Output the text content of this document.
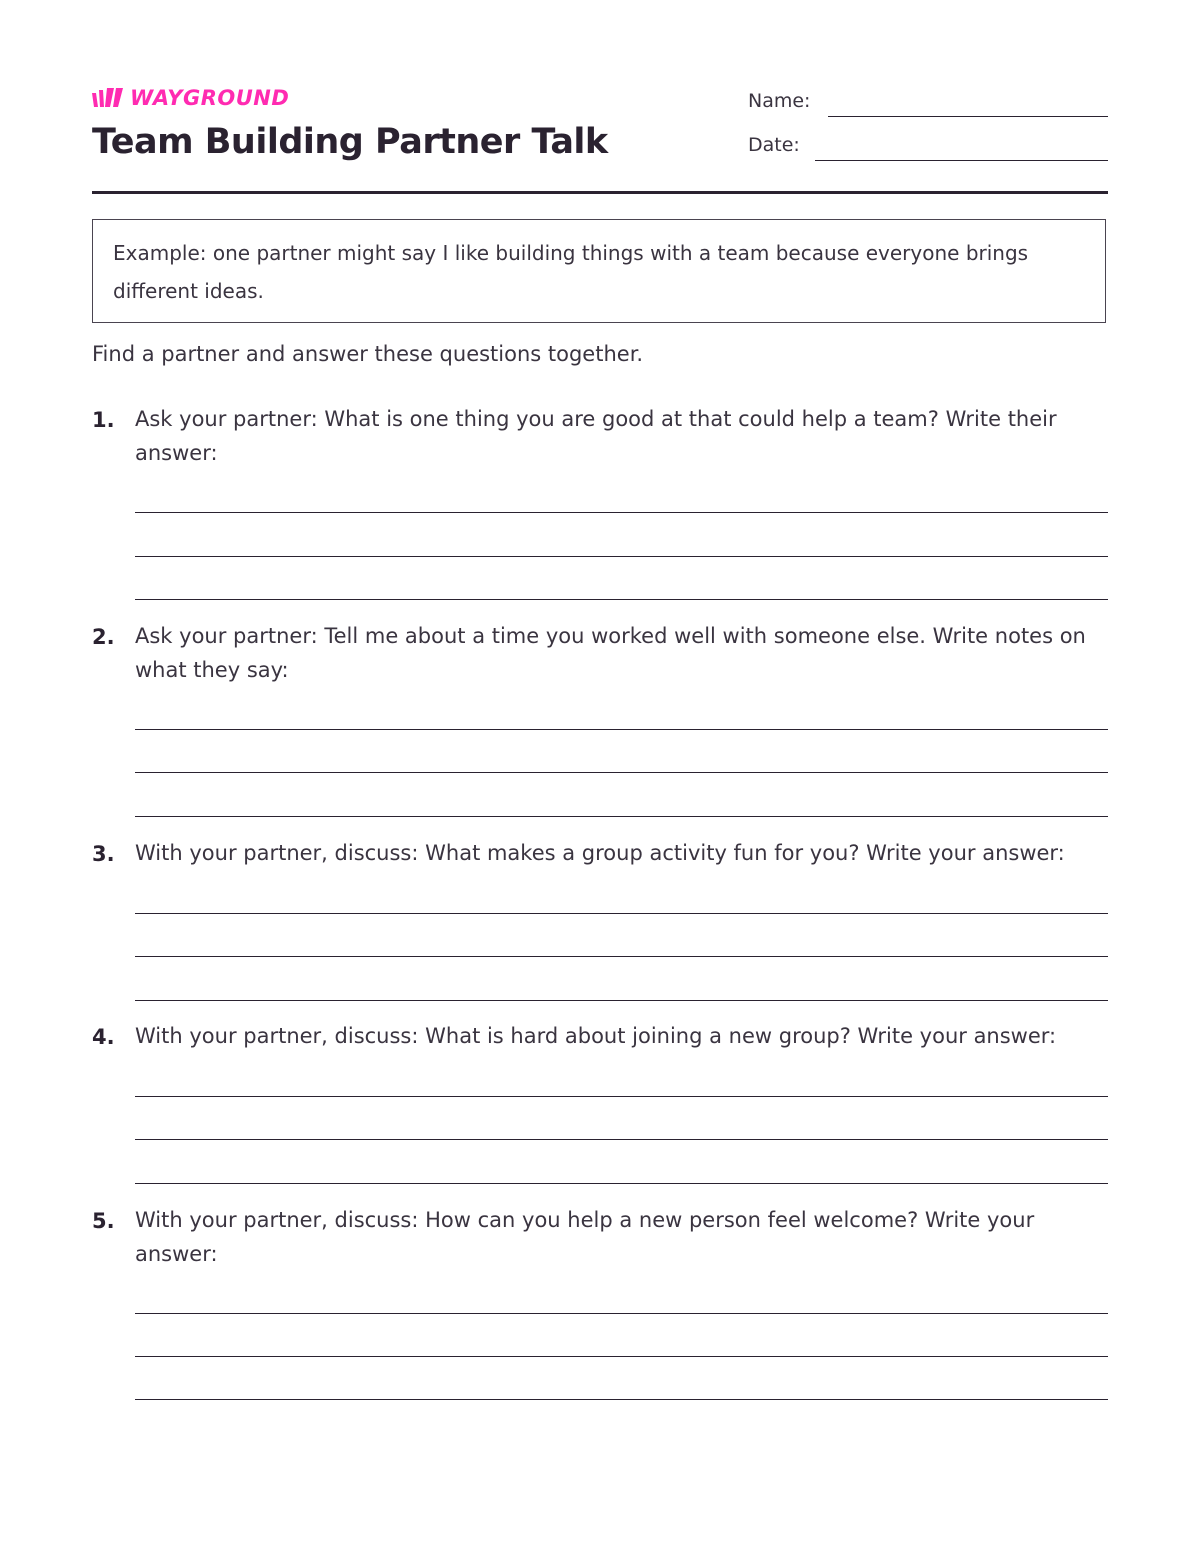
WAYGROUND
Team Building Partner Talk
Name:
Date:
Example: one partner might say I like building things with a team because everyone brings different ideas.
Find a partner and answer these questions together.
1. Ask your partner: What is one thing you are good at that could help a team? Write their answer:
2. Ask your partner: Tell me about a time you worked well with someone else. Write notes on what they say:
3. With your partner, discuss: What makes a group activity fun for you? Write your answer:
4. With your partner, discuss: What is hard about joining a new group? Write your answer:
5. With your partner, discuss: How can you help a new person feel welcome? Write your answer:
